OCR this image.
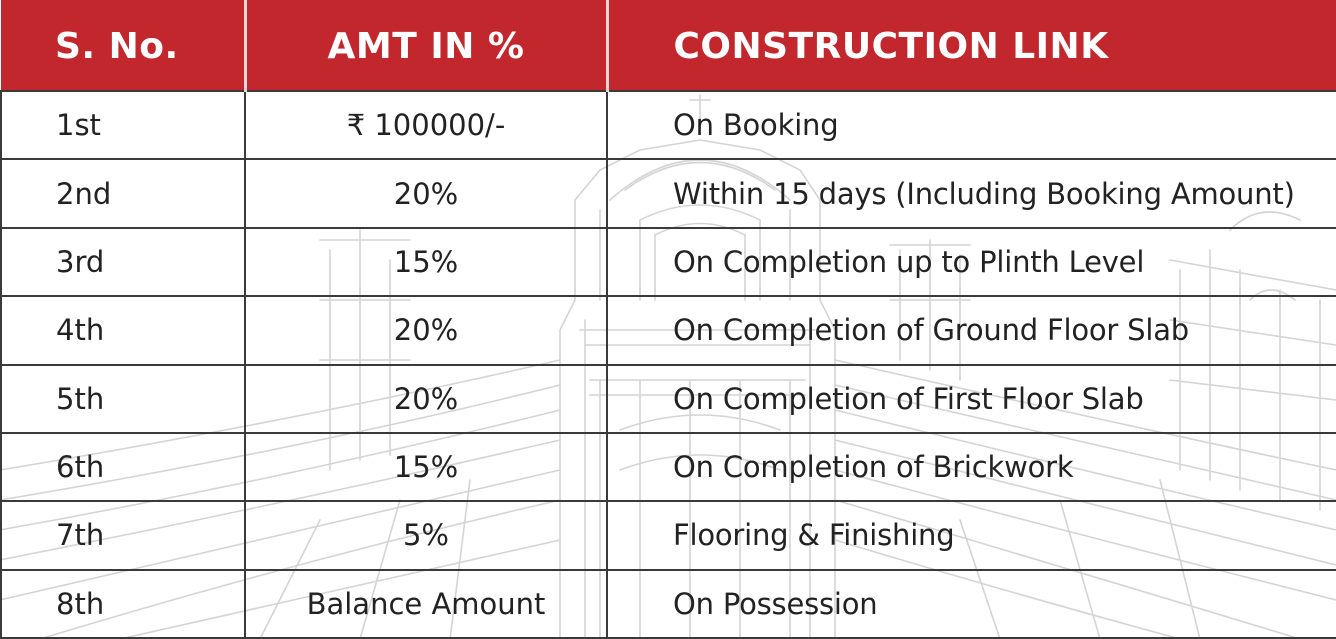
S. No.	AMT IN %	CONSTRUCTION LINK
1st	₹ 100000/-	On Booking
2nd	20%	Within 15 days (Including Booking Amount)
3rd	15%	On Completion up to Plinth Level
4th	20%	On Completion of Ground Floor Slab
5th	20%	On Completion of First Floor Slab
6th	15%	On Completion of Brickwork
7th	5%	Flooring & Finishing
8th	Balance Amount	On Possession
